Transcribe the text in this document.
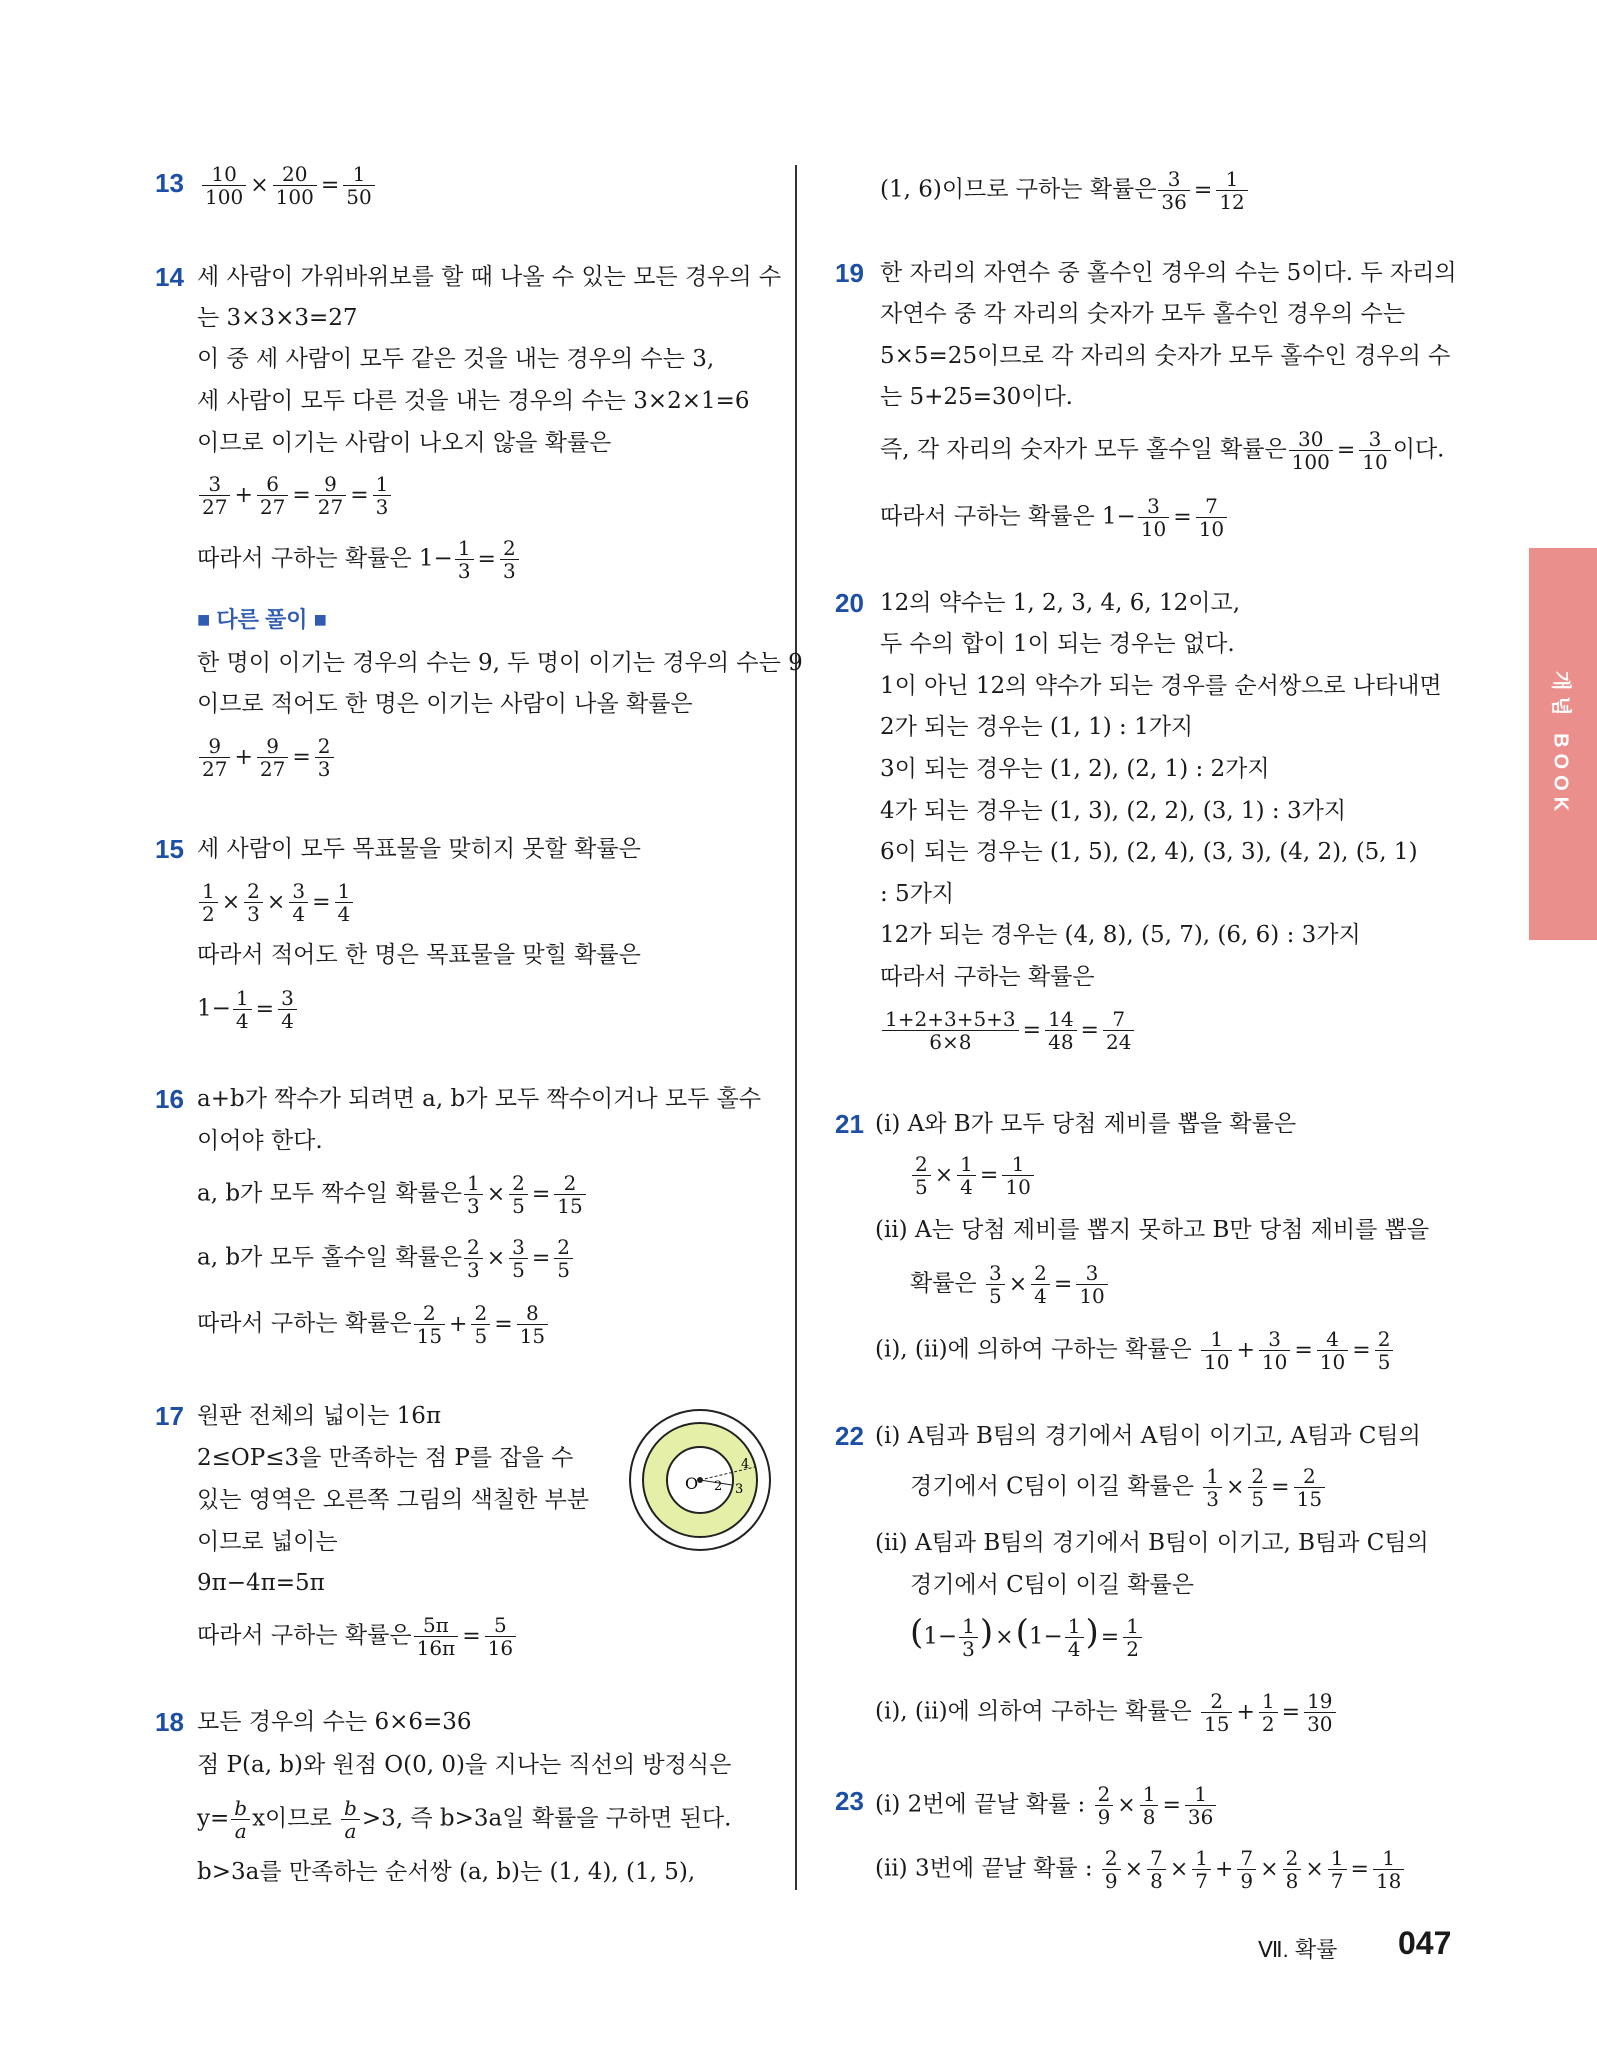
개념 BOOK
$13 \frac{10}{100} \times \frac{20}{100} = \frac{1}{50}$
14 세 사람이 가위바위보를 할 때 나올 수 있는 모든 경우의 수
는 3×3×3=27
이 중 세 사람이 모두 같은 것을 내는 경우의 수는 3,
세 사람이 모두 다른 것을 내는 경우의 수는 3×2×1=6
이므로 이기는 사람이 나오지 않을 확률은
$\frac{3}{27} + \frac{6}{27} = \frac{9}{27} = \frac{1}{3}$
따라서 구하는 확률은 $1- \frac{1}{3} = \frac{2}{3}$
■ 다른 풀이 ■
한 명이 이기는 경우의 수는 9, 두 명이 이기는 경우의 수는 9
이므로 적어도 한 명은 이기는 사람이 나올 확률은
$\frac{9}{27} + \frac{9}{27} = \frac{2}{3}$
15 세 사람이 모두 목표물을 맞히지 못할 확률은
$\frac{1}{2} \times \frac{2}{3} \times \frac{3}{4} = \frac{1}{4}$
따라서 적어도 한 명은 목표물을 맞힐 확률은
$1- \frac{1}{4} = \frac{3}{4}$
16 a+b가 짝수가 되려면 a, b가 모두 짝수이거나 모두 홀수
이어야 한다.
a, b가 모두 짝수일 확률은 $\frac{1}{3} \times \frac{2}{5} = \frac{2}{15}$
a, b가 모두 홀수일 확률은 $\frac{2}{3} \times \frac{3}{5} = \frac{2}{5}$
따라서 구하는 확률은 $\frac{2}{15} + \frac{2}{5} = \frac{8}{15}$
17 원판 전체의 넓이는 16π
2≤OP≤3을 만족하는 점 P를 잡을 수
있는 영역은 오른쪽 그림의 색칠한 부분
이므로 넓이는
9π−4π=5π
따라서 구하는 확률은 $\frac{5\pi}{16\pi} = \frac{5}{16}$
O 2 3
4
18 모든 경우의 수는 6×6=36
점 P(a, b)와 원점 O(0, 0)을 지나는 직선의 방정식은
$y= \frac{b}{a}$ x이므로 $\frac{b}{a} >3$, 즉 b>3a일 확률을 구하면 된다.
b>3a를 만족하는 순서쌍 (a, b)는 (1, 4), (1, 5),
(1, 6)이므로 구하는 확률은 $\frac{3}{36} = \frac{1}{12}$
19 한 자리의 자연수 중 홀수인 경우의 수는 5이다. 두 자리의
자연수 중 각 자리의 숫자가 모두 홀수인 경우의 수는
5×5=25이므로 각 자리의 숫자가 모두 홀수인 경우의 수
는 5+25=30이다.
즉, 각 자리의 숫자가 모두 홀수일 확률은 $\frac{30}{100} = \frac{3}{10}$ 이다.
따라서 구하는 확률은 $1- \frac{3}{10} = \frac{7}{10}$
20 12의 약수는 1, 2, 3, 4, 6, 12이고,
두 수의 합이 1이 되는 경우는 없다.
1이 아닌 12의 약수가 되는 경우를 순서쌍으로 나타내면
2가 되는 경우는 (1, 1) : 1가지
3이 되는 경우는 (1, 2), (2, 1) : 2가지
4가 되는 경우는 (1, 3), (2, 2), (3, 1) : 3가지
6이 되는 경우는 (1, 5), (2, 4), (3, 3), (4, 2), (5, 1)
: 5가지
12가 되는 경우는 (4, 8), (5, 7), (6, 6) : 3가지
따라서 구하는 확률은
$\frac{1+2+3+5+3}{6\times 8} = \frac{14}{48} = \frac{7}{24}$
21 (ⅰ) A와 B가 모두 당첨 제비를 뽑을 확률은
$\frac{2}{5} \times \frac{1}{4} = \frac{1}{10}$
(ⅱ) A는 당첨 제비를 뽑지 못하고 B만 당첨 제비를 뽑을
확률은 $\frac{3}{5} \times \frac{2}{4} = \frac{3}{10}$
(ⅰ), (ⅱ)에 의하여 구하는 확률은 $\frac{1}{10} + \frac{3}{10} = \frac{4}{10} = \frac{2}{5}$
22 (ⅰ) A팀과 B팀의 경기에서 A팀이 이기고, A팀과 C팀의
경기에서 C팀이 이길 확률은 $\frac{1}{3} \times \frac{2}{5} = \frac{2}{15}$
(ⅱ) A팀과 B팀의 경기에서 B팀이 이기고, B팀과 C팀의
경기에서 C팀이 이길 확률은
$(1- \frac{1}{3} )\times(1- \frac{1}{4}$ )= $\frac{1}{2}$
(ⅰ), (ⅱ)에 의하여 구하는 확률은 $\frac{2}{15} + \frac{1}{2} = \frac{19}{30}$
23 (ⅰ) 2번에 끝날 확률 : $\frac{2}{9} \times \frac{1}{8} = \frac{1}{36}$
(ⅱ) 3번에 끝날 확률 : $\frac{2}{9} \times \frac{7}{8} \times \frac{1}{7} + \frac{7}{9} \times \frac{2}{8} \times \frac{1}{7} = \frac{1}{18}$
Ⅶ. 확률 047
